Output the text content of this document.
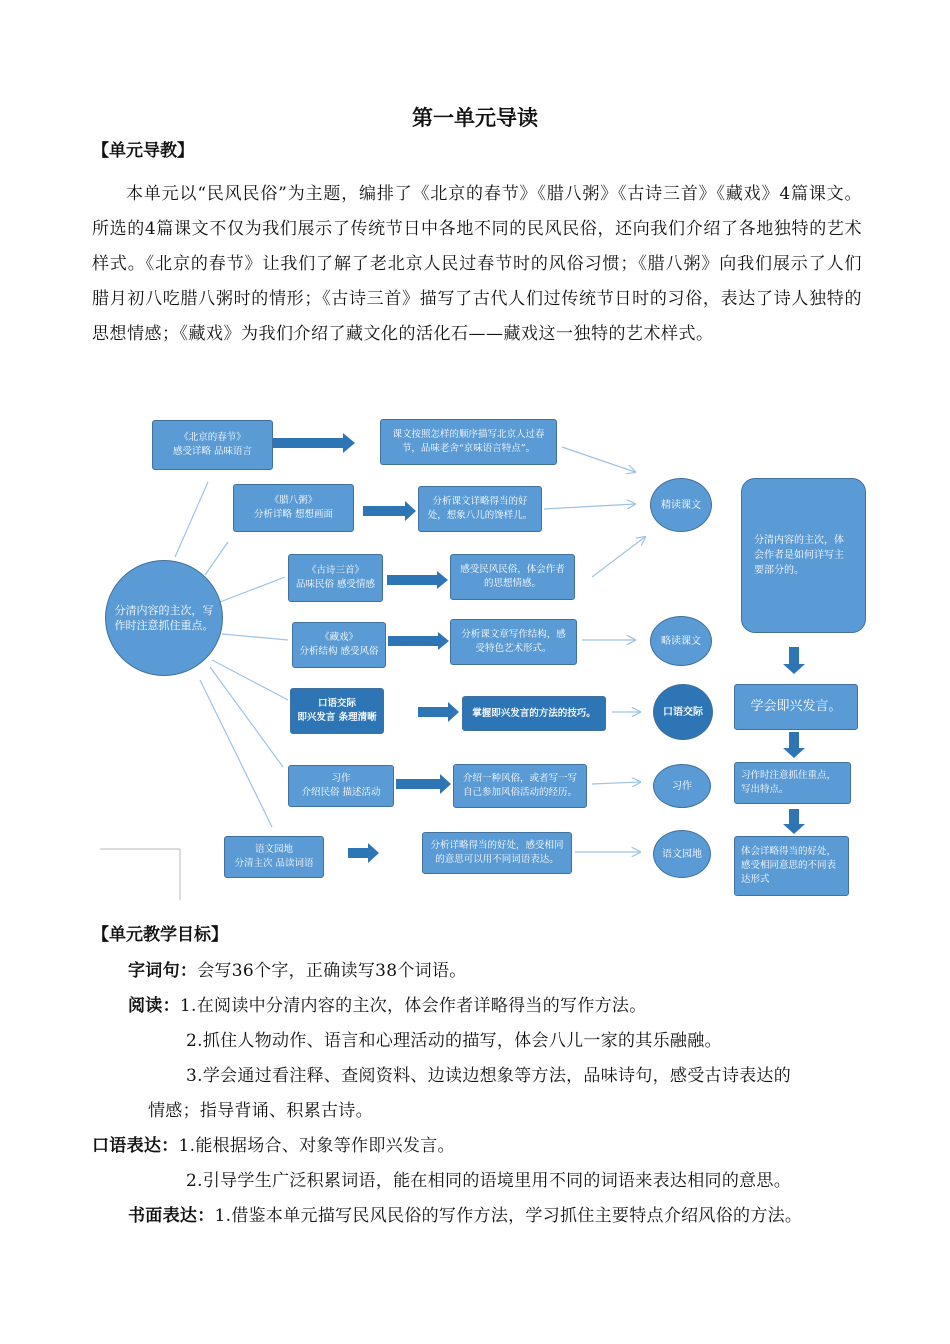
第一单元导读
【单元导教】
本单元以“民风民俗”为主题，编排了《北京的春节》《腊八粥》《古诗三首》《藏戏》4篇课文。所选的4篇课文不仅为我们展示了传统节日中各地不同的民风民俗，还向我们介绍了各地独特的艺术样式。《北京的春节》让我们了解了老北京人民过春节时的风俗习惯；《腊八粥》向我们展示了人们腊月初八吃腊八粥时的情形；《古诗三首》描写了古代人们过传统节日时的习俗，表达了诗人独特的思想情感；《藏戏》为我们介绍了藏文化的活化石——藏戏这一独特的艺术样式。
分清内容的主次，写作时注意抓住重点。
《北京的春节》
感受详略 品味语言
《腊八粥》
分析详略 想想画面
《古诗三首》
品味民俗 感受情感
《藏戏》
分析结构 感受风俗
口语交际
即兴发言 条理清晰
习作
介绍民俗 描述活动
语文园地
分清主次 品读词语
课文按照怎样的顺序描写北京人过春节，品味老舍“京味语言特点”。
分析课文详略得当的好处，想象八儿的馋样儿。
感受民风民俗，体会作者的思想情感。
分析课文章写作结构，感受特色艺术形式。
掌握即兴发言的方法的技巧。
介绍一种风俗，或者写一写自己参加风俗活动的经历。
分析详略得当的好处，感受相同的意思可以用不同词语表达。
精读课文
略读课文
口语交际
习作
语文园地
分清内容的主次，体会作者是如何详写主要部分的。
学会即兴发言。
习作时注意抓住重点，写出特点。
体会详略得当的好处，感受相同意思的不同表达形式
【单元教学目标】
字词句：会写36个字，正确读写38个词语。
阅读：1.在阅读中分清内容的主次，体会作者详略得当的写作方法。
2.抓住人物动作、语言和心理活动的描写，体会八儿一家的其乐融融。
3.学会通过看注释、查阅资料、边读边想象等方法，品味诗句，感受古诗表达的
情感；指导背诵、积累古诗。
口语表达：1.能根据场合、对象等作即兴发言。
2.引导学生广泛积累词语，能在相同的语境里用不同的词语来表达相同的意思。
书面表达：1.借鉴本单元描写民风民俗的写作方法，学习抓住主要特点介绍风俗的方法。
